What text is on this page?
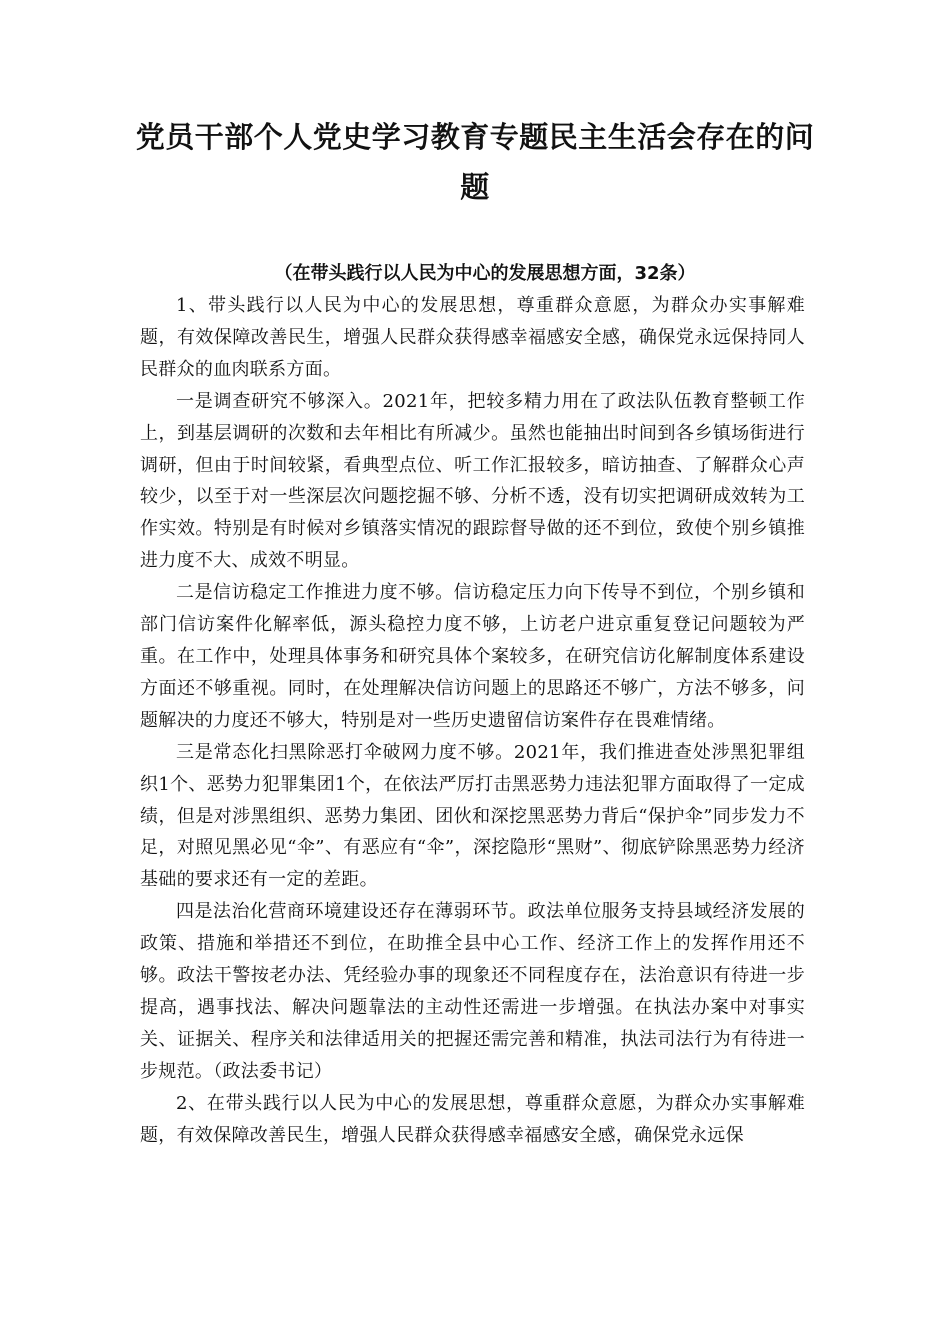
党员干部个人党史学习教育专题民主生活会存在的问题
（在带头践行以人民为中心的发展思想方面，32条）

1、带头践行以人民为中心的发展思想，尊重群众意愿，为群众办实事解难题，有效保障改善民生，增强人民群众获得感幸福感安全感，确保党永远保持同人民群众的血肉联系方面。

一是调查研究不够深入。2021年，把较多精力用在了政法队伍教育整顿工作上，到基层调研的次数和去年相比有所减少。虽然也能抽出时间到各乡镇场街进行调研，但由于时间较紧，看典型点位、听工作汇报较多，暗访抽查、了解群众心声较少，以至于对一些深层次问题挖掘不够、分析不透，没有切实把调研成效转为工作实效。特别是有时候对乡镇落实情况的跟踪督导做的还不到位，致使个别乡镇推进力度不大、成效不明显。

二是信访稳定工作推进力度不够。信访稳定压力向下传导不到位，个别乡镇和部门信访案件化解率低，源头稳控力度不够，上访老户进京重复登记问题较为严重。在工作中，处理具体事务和研究具体个案较多，在研究信访化解制度体系建设方面还不够重视。同时，在处理解决信访问题上的思路还不够广，方法不够多，问题解决的力度还不够大，特别是对一些历史遗留信访案件存在畏难情绪。

三是常态化扫黑除恶打伞破网力度不够。2021年，我们推进查处涉黑犯罪组织1个、恶势力犯罪集团1个，在依法严厉打击黑恶势力违法犯罪方面取得了一定成绩，但是对涉黑组织、恶势力集团、团伙和深挖黑恶势力背后“保护伞”同步发力不足，对照见黑必见“伞”、有恶应有“伞”，深挖隐形“黑财”、彻底铲除黑恶势力经济基础的要求还有一定的差距。

四是法治化营商环境建设还存在薄弱环节。政法单位服务支持县域经济发展的政策、措施和举措还不到位，在助推全县中心工作、经济工作上的发挥作用还不够。政法干警按老办法、凭经验办事的现象还不同程度存在，法治意识有待进一步提高，遇事找法、解决问题靠法的主动性还需进一步增强。在执法办案中对事实关、证据关、程序关和法律适用关的把握还需完善和精准，执法司法行为有待进一步规范。（政法委书记）

2、在带头践行以人民为中心的发展思想，尊重群众意愿，为群众办实事解难题，有效保障改善民生，增强人民群众获得感幸福感安全感，确保党永远保
